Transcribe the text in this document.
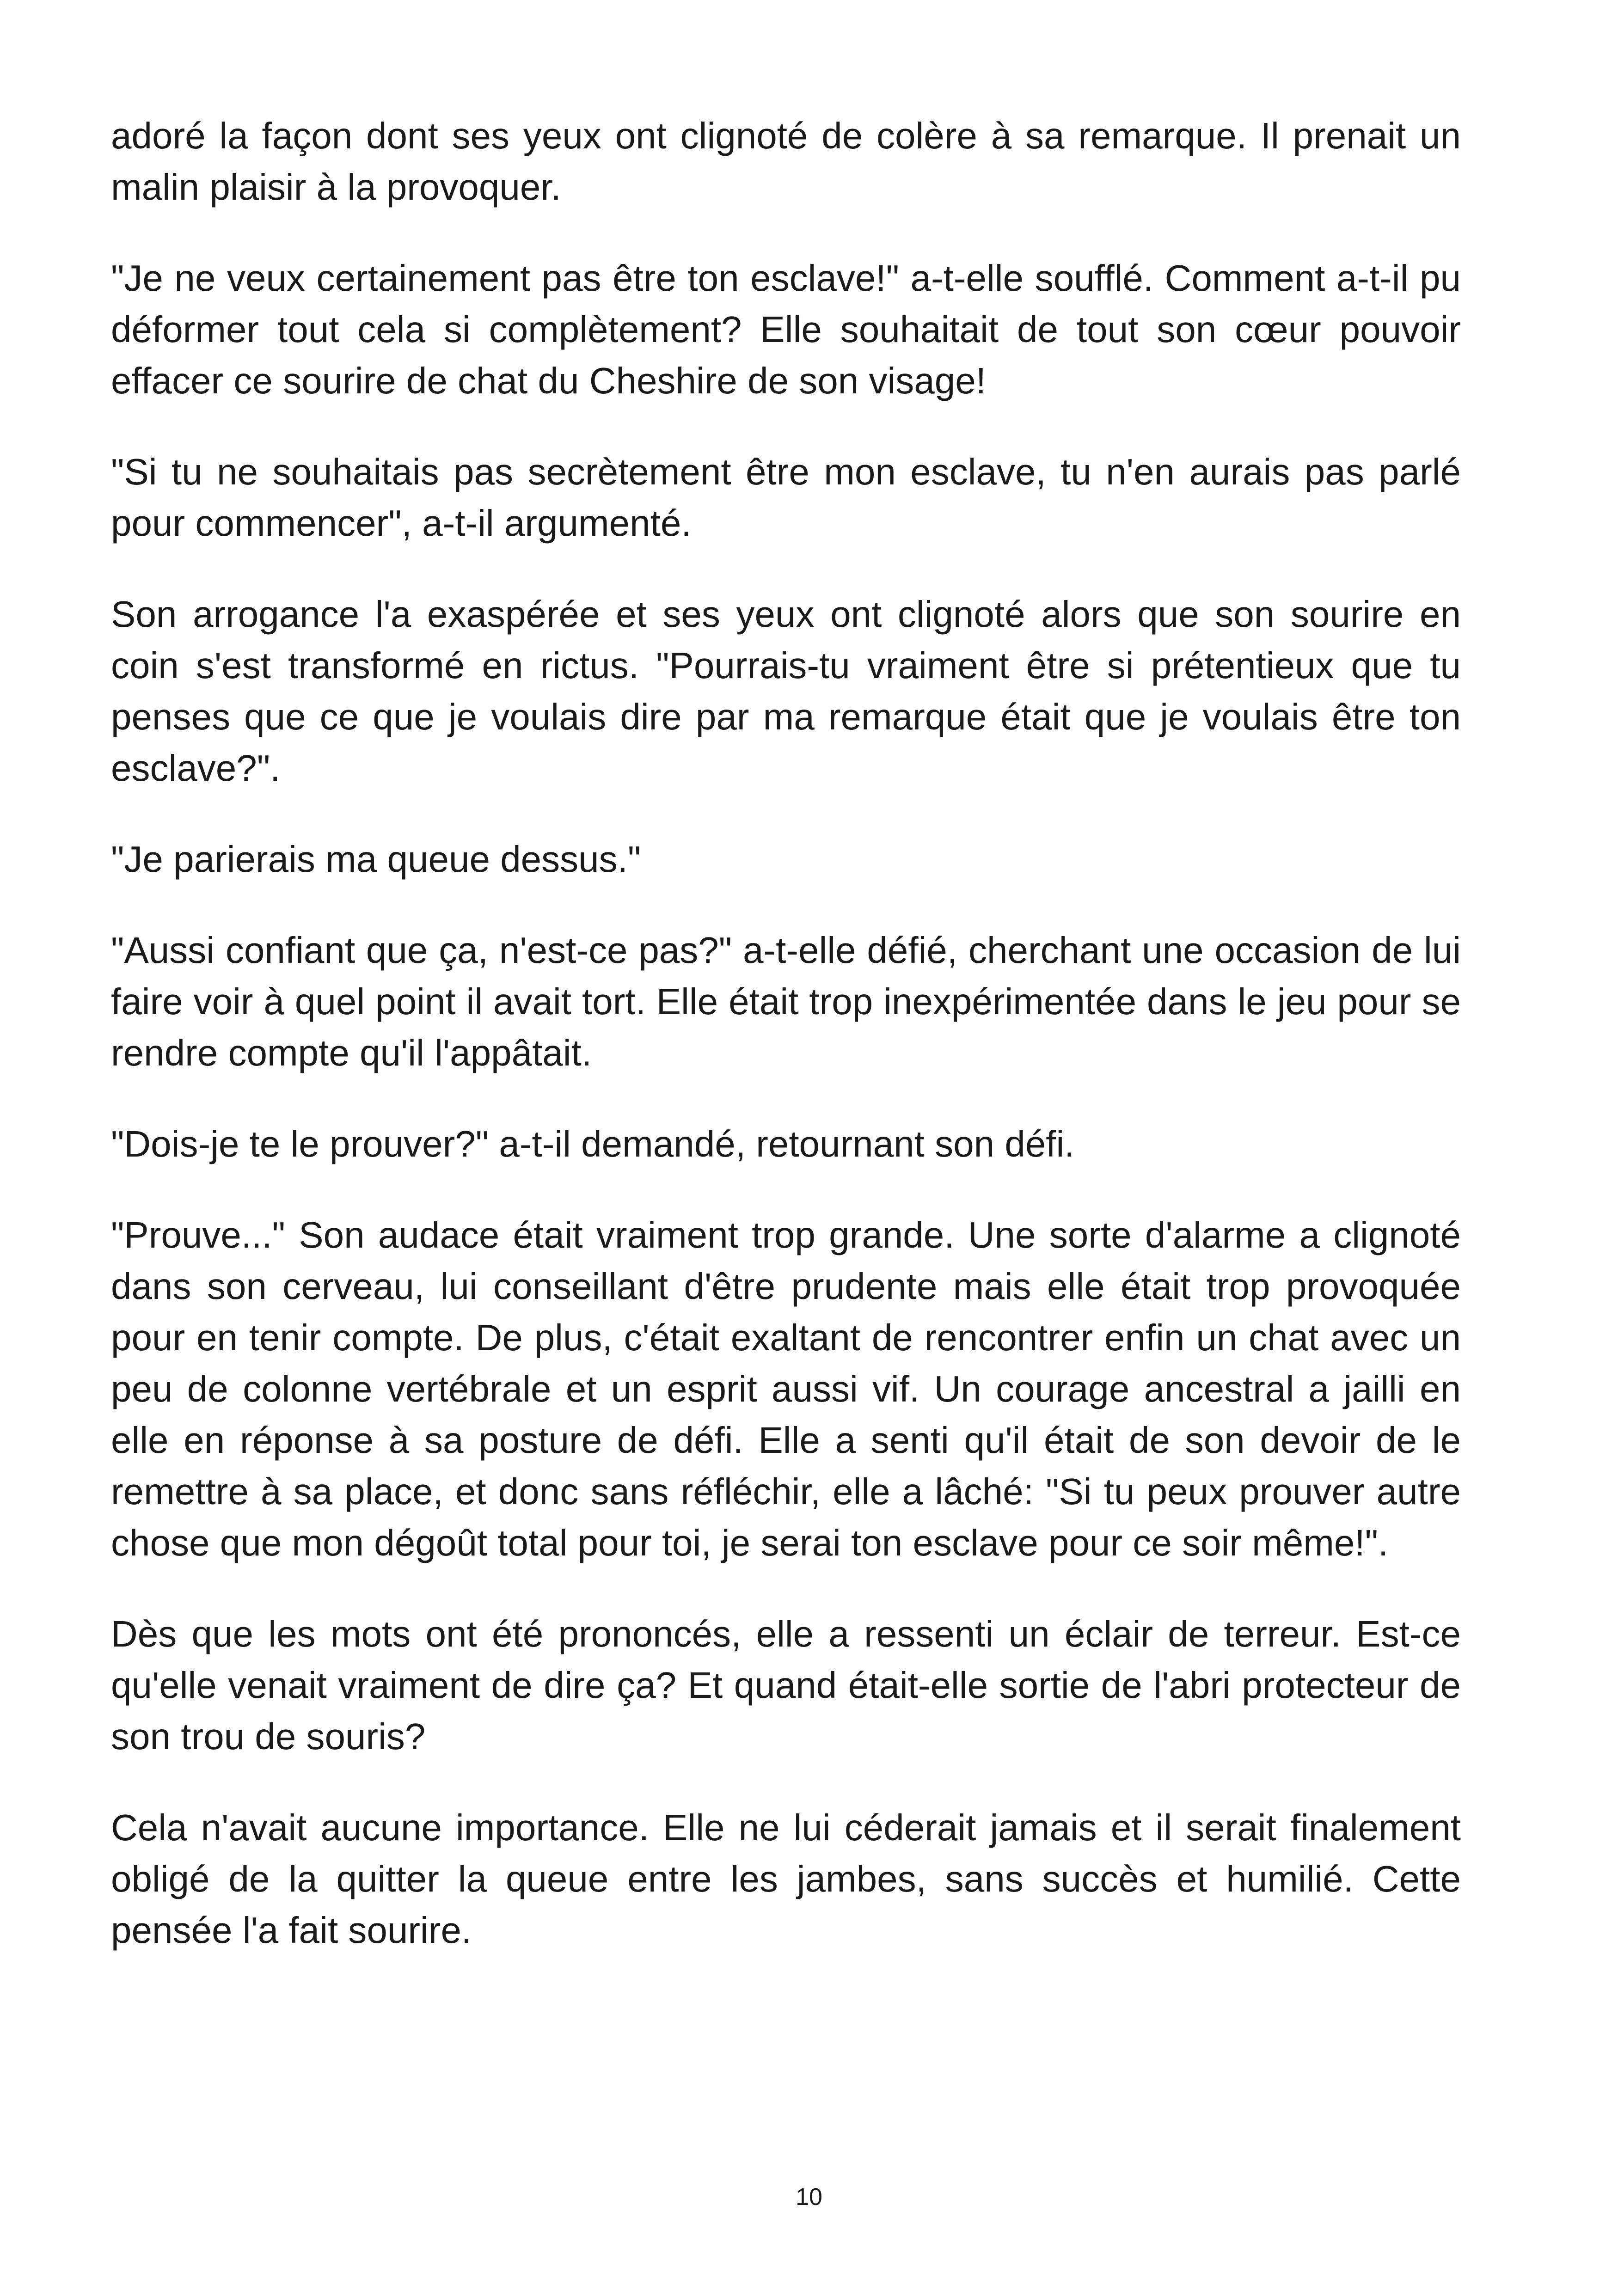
adoré la façon dont ses yeux ont clignoté de colère à sa remarque. Il prenait un malin plaisir à la provoquer.

"Je ne veux certainement pas être ton esclave!" a-t-elle soufflé. Comment a-t-il pu déformer tout cela si complètement? Elle souhaitait de tout son cœur pouvoir effacer ce sourire de chat du Cheshire de son visage!

"Si tu ne souhaitais pas secrètement être mon esclave, tu n'en aurais pas parlé pour commencer", a-t-il argumenté.

Son arrogance l'a exaspérée et ses yeux ont clignoté alors que son sourire en coin s'est transformé en rictus. "Pourrais-tu vraiment être si prétentieux que tu penses que ce que je voulais dire par ma remarque était que je voulais être ton esclave?".

"Je parierais ma queue dessus."

"Aussi confiant que ça, n'est-ce pas?" a-t-elle défié, cherchant une occasion de lui faire voir à quel point il avait tort. Elle était trop inexpérimentée dans le jeu pour se rendre compte qu'il l'appâtait.

"Dois-je te le prouver?" a-t-il demandé, retournant son défi.

"Prouve..." Son audace était vraiment trop grande. Une sorte d'alarme a clignoté dans son cerveau, lui conseillant d'être prudente mais elle était trop provoquée pour en tenir compte. De plus, c'était exaltant de rencontrer enfin un chat avec un peu de colonne vertébrale et un esprit aussi vif. Un courage ancestral a jailli en elle en réponse à sa posture de défi. Elle a senti qu'il était de son devoir de le remettre à sa place, et donc sans réfléchir, elle a lâché: "Si tu peux prouver autre chose que mon dégoût total pour toi, je serai ton esclave pour ce soir même!".

Dès que les mots ont été prononcés, elle a ressenti un éclair de terreur. Est-ce qu'elle venait vraiment de dire ça? Et quand était-elle sortie de l'abri protecteur de son trou de souris?

Cela n'avait aucune importance. Elle ne lui céderait jamais et il serait finalement obligé de la quitter la queue entre les jambes, sans succès et humilié. Cette pensée l'a fait sourire.

10
